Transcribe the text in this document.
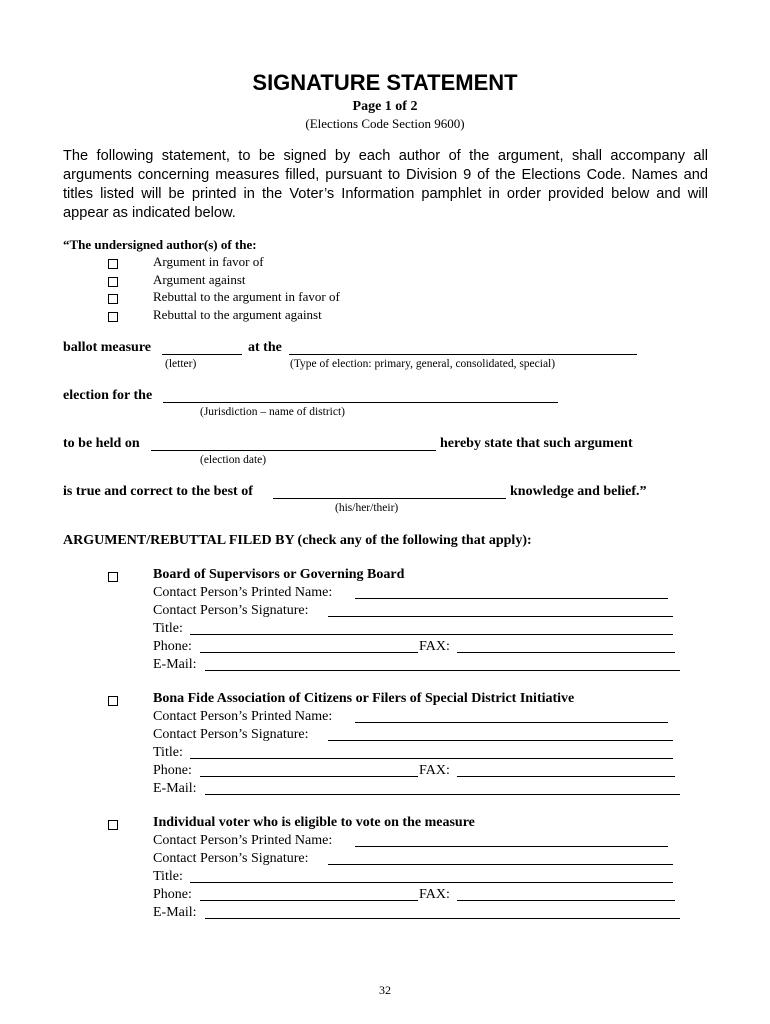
SIGNATURE STATEMENT
Page 1 of 2
(Elections Code Section 9600)
The following statement, to be signed by each author of the argument, shall accompany all arguments concerning measures filled, pursuant to Division 9 of the Elections Code. Names and titles listed will be printed in the Voter’s Information pamphlet in order provided below and will appear as indicated below.
“The undersigned author(s) of the:
Argument in favor of
Argument against
Rebuttal to the argument in favor of
Rebuttal to the argument against
ballot measure	at the
(letter)	(Type of election: primary, general, consolidated, special)
election for the
(Jurisdiction – name of district)
to be held on	hereby state that such argument
(election date)
is true and correct to the best of	knowledge and belief.”
(his/her/their)
ARGUMENT/REBUTTAL FILED BY (check any of the following that apply):
Board of Supervisors or Governing Board
Contact Person’s Printed Name:
Contact Person’s Signature:
Title:
Phone:	FAX:
E-Mail:
Bona Fide Association of Citizens or Filers of Special District Initiative
Contact Person’s Printed Name:
Contact Person’s Signature:
Title:
Phone:	FAX:
E-Mail:
Individual voter who is eligible to vote on the measure
Contact Person’s Printed Name:
Contact Person’s Signature:
Title:
Phone:	FAX:
E-Mail:
32
